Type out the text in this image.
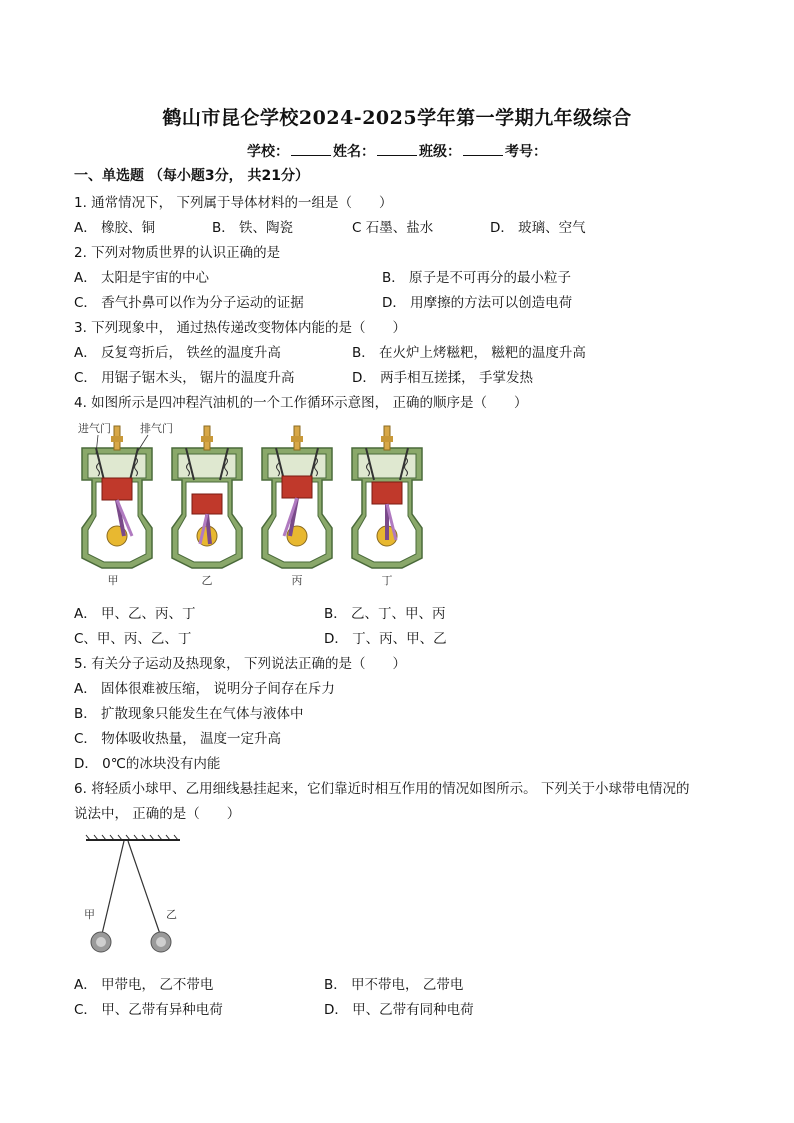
鹤山市昆仑学校2024-2025学年第一学期九年级综合
学校：	姓名：	班级：	考号：
一、单选题 （每小题3分， 共21分）
1. 通常情况下， 下列属于导体材料的一组是（　　）
A． 橡胶、铜	B． 铁、陶瓷	C 石墨、盐水	D． 玻璃、空气
2. 下列对物质世界的认识正确的是
A． 太阳是宇宙的中心	B． 原子是不可再分的最小粒子
C． 香气扑鼻可以作为分子运动的证据	D． 用摩擦的方法可以创造电荷
3. 下列现象中， 通过热传递改变物体内能的是（　　）
A． 反复弯折后， 铁丝的温度升高	B． 在火炉上烤糍粑， 糍粑的温度升高
C． 用锯子锯木头， 锯片的温度升高	D． 两手相互搓揉， 手掌发热
4. 如图所示是四冲程汽油机的一个工作循环示意图， 正确的顺序是（　　）
进气门	排气门
甲	乙	丙	丁
A． 甲、乙、丙、丁	B． 乙、丁、甲、丙
C、甲、丙、乙、丁	D． 丁、丙、甲、乙
5. 有关分子运动及热现象， 下列说法正确的是（　　）
A． 固体很难被压缩， 说明分子间存在斥力
B． 扩散现象只能发生在气体与液体中
C． 物体吸收热量， 温度一定升高
D． 0℃的冰块没有内能
6. 将轻质小球甲、乙用细线悬挂起来，它们靠近时相互作用的情况如图所示。 下列关于小球带电情况的
说法中， 正确的是（　　）
甲	乙
A． 甲带电， 乙不带电	B． 甲不带电， 乙带电
C． 甲、乙带有异种电荷	D． 甲、乙带有同种电荷
